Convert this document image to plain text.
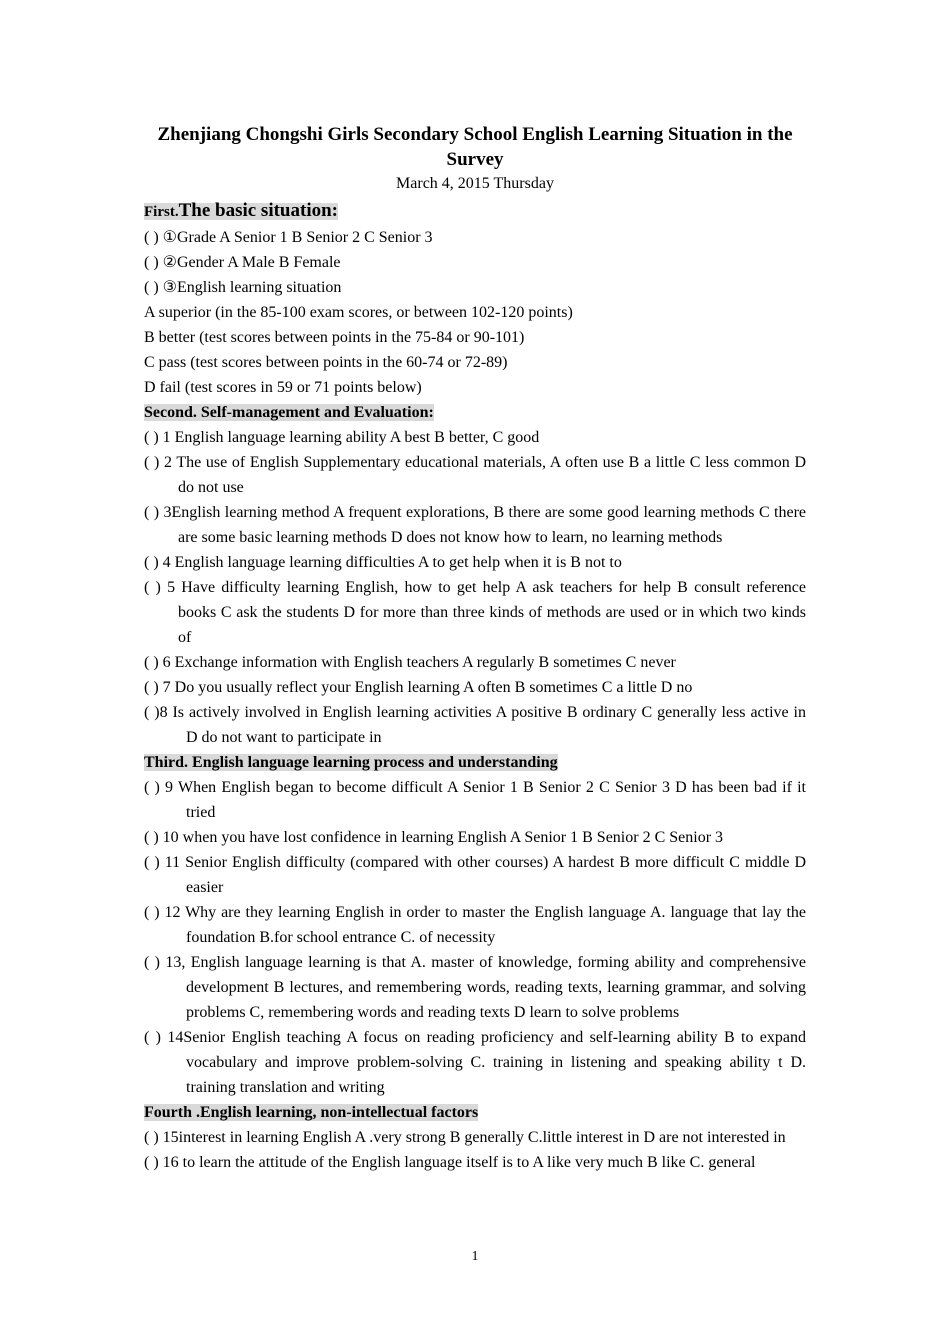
Zhenjiang Chongshi Girls Secondary School English Learning Situation in the Survey

March 4, 2015 Thursday

First.The basic situation:

( ) ①Grade A Senior 1 B Senior 2 C Senior 3

( ) ②Gender A Male B Female

( ) ③English learning situation

A superior (in the 85-100 exam scores, or between 102-120 points)

B better (test scores between points in the 75-84 or 90-101)

C pass (test scores between points in the 60-74 or 72-89)

D fail (test scores in 59 or 71 points below)

Second. Self-management and Evaluation:

( ) 1 English language learning ability A best B better, C good

( ) 2 The use of English Supplementary educational materials, A often use B a little C less common D do not use

( ) 3English learning method A frequent explorations, B there are some good learning methods C there are some basic learning methods D does not know how to learn, no learning methods

( ) 4 English language learning difficulties A to get help when it is B not to

( ) 5 Have difficulty learning English, how to get help A ask teachers for help B consult reference books C ask the students D for more than three kinds of methods are used or in which two kinds of

( ) 6 Exchange information with English teachers A regularly B sometimes C never

( ) 7 Do you usually reflect your English learning A often B sometimes C a little D no

( )8 Is actively involved in English learning activities A positive B ordinary C generally less active in D do not want to participate in

Third. English language learning process and understanding

( ) 9 When English began to become difficult A Senior 1 B Senior 2 C Senior 3 D has been bad if it tried

( ) 10 when you have lost confidence in learning English A Senior 1 B Senior 2 C Senior 3

( ) 11 Senior English difficulty (compared with other courses) A hardest B more difficult C middle D easier

( ) 12 Why are they learning English in order to master the English language A. language that lay the foundation B.for school entrance C. of necessity

( ) 13, English language learning is that A. master of knowledge, forming ability and comprehensive development B lectures, and remembering words, reading texts, learning grammar, and solving problems C, remembering words and reading texts D learn to solve problems

( ) 14Senior English teaching A focus on reading proficiency and self-learning ability B to expand vocabulary and improve problem-solving C. training in listening and speaking ability t D. training translation and writing

Fourth .English learning, non-intellectual factors

( ) 15interest in learning English A .very strong B generally C.little interest in D are not interested in

( ) 16 to learn the attitude of the English language itself is to A like very much B like C. general

1
